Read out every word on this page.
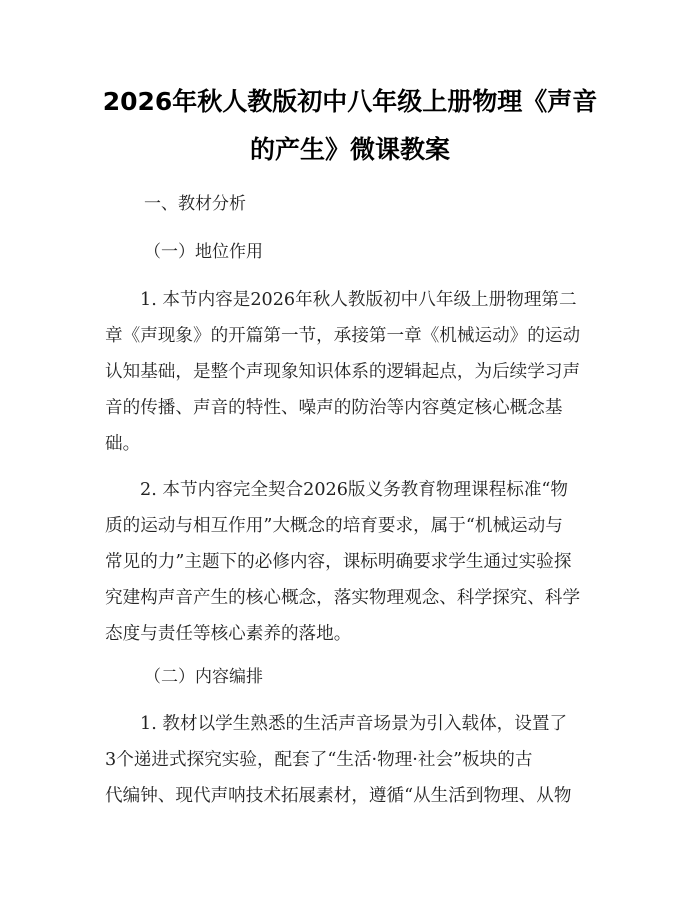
2026年秋人教版初中八年级上册物理《声音
的产生》微课教案
一、教材分析
（一）地位作用
1. 本节内容是2026年秋人教版初中八年级上册物理第二
章《声现象》的开篇第一节，承接第一章《机械运动》的运动
认知基础，是整个声现象知识体系的逻辑起点，为后续学习声
音的传播、声音的特性、噪声的防治等内容奠定核心概念基
础。
2. 本节内容完全契合2026版义务教育物理课程标准“物
质的运动与相互作用”大概念的培育要求，属于“机械运动与
常见的力”主题下的必修内容，课标明确要求学生通过实验探
究建构声音产生的核心概念，落实物理观念、科学探究、科学
态度与责任等核心素养的落地。
（二）内容编排
1. 教材以学生熟悉的生活声音场景为引入载体，设置了
3个递进式探究实验，配套了“生活·物理·社会”板块的古
代编钟、现代声呐技术拓展素材，遵循“从生活到物理、从物
